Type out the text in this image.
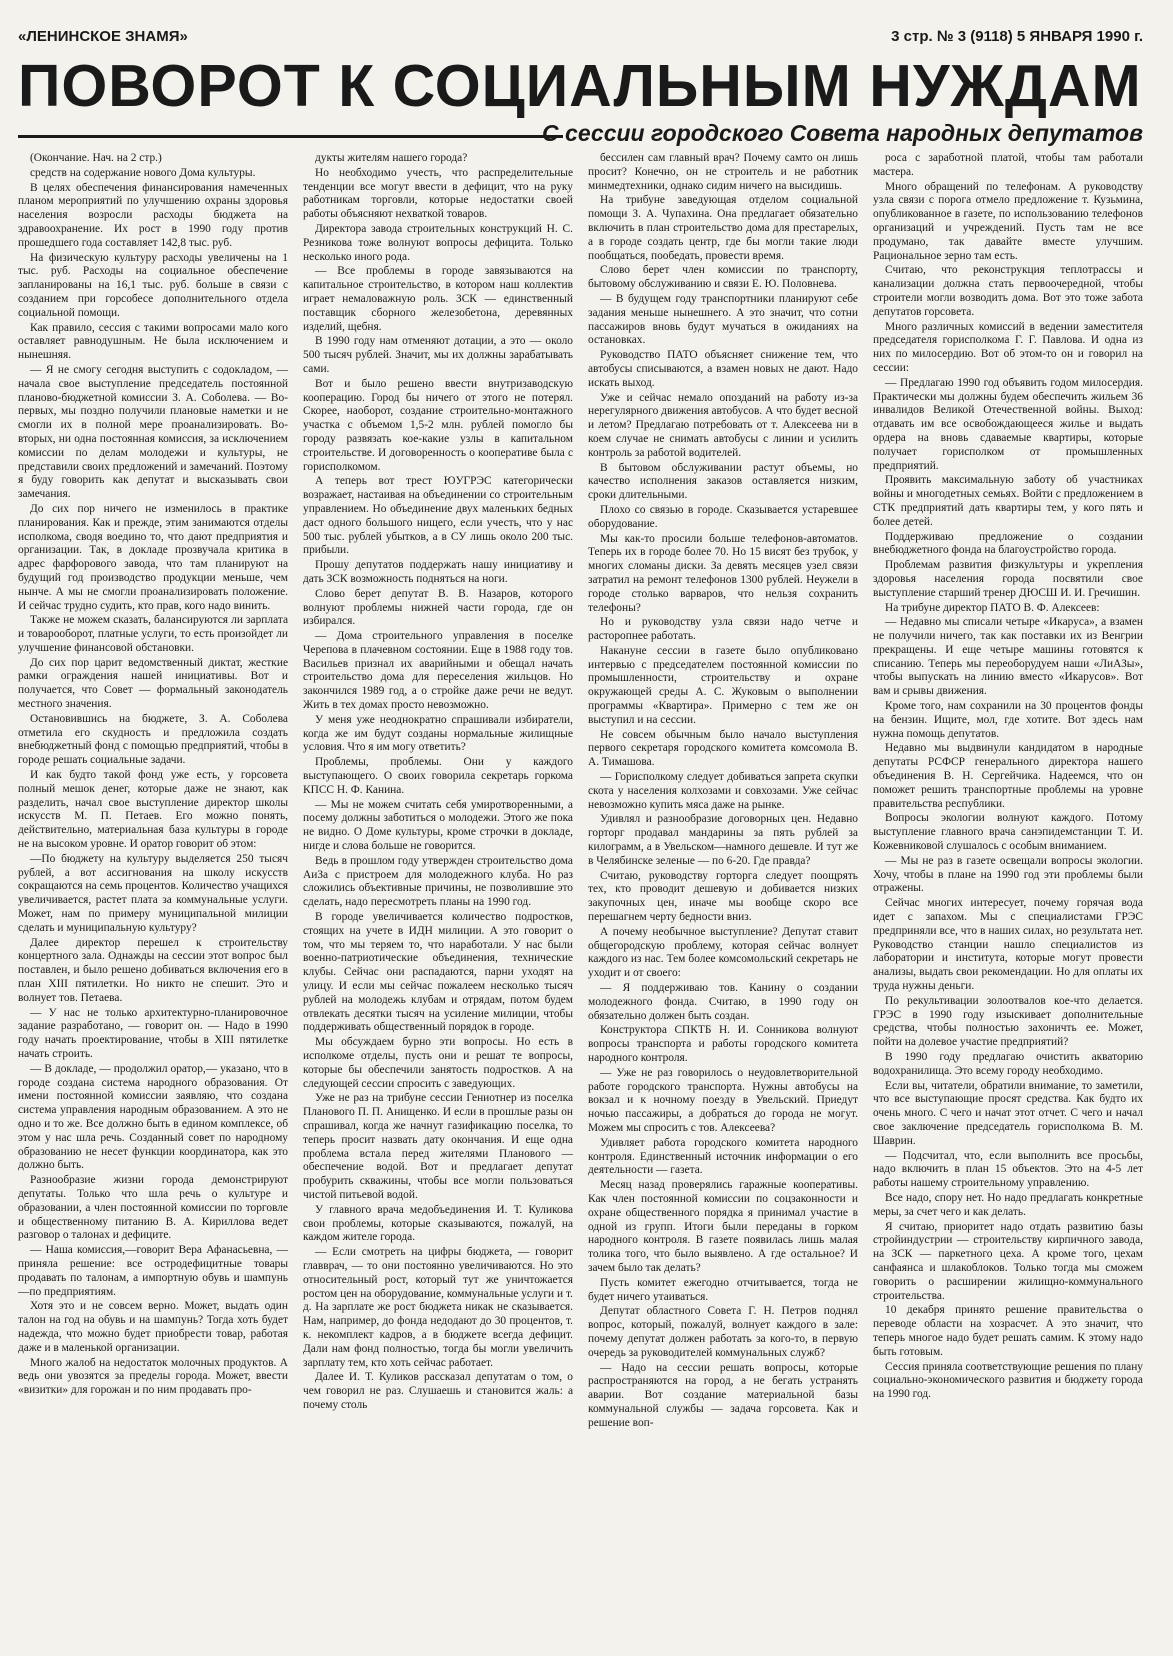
«ЛЕНИНСКОЕ ЗНАМЯ»	3 стр. № 3 (9118) 5 ЯНВАРЯ 1990 г.
ПОВОРОТ К СОЦИАЛЬНЫМ НУЖДАМ
С сессии городского Совета народных депутатов

(Окончание. Нач. на 2 стр.)

средств на содержание нового Дома культуры.

В целях обеспечения финансирования намеченных планом мероприятий по улучшению охраны здоровья населения возросли расходы бюджета на здравоохранение. Их рост в 1990 году против прошедшего года составляет 142,8 тыс. руб.

На физическую культуру расходы увеличены на 1 тыс. руб. Расходы на социальное обеспечение запланированы на 16,1 тыс. руб. больше в связи с созданием при горсобесе дополнительного отдела социальной помощи.

Как правило, сессия с такими вопросами мало кого оставляет равнодушным. Не была исключением и нынешняя.

— Я не смогу сегодня выступить с содокладом, — начала свое выступление председатель постоянной планово-бюджетной комиссии З. А. Соболева. — Во-первых, мы поздно получили плановые наметки и не смогли их в полной мере проанализировать. Во-вторых, ни одна постоянная комиссия, за исключением комиссии по делам молодежи и культуры, не представили своих предложений и замечаний. Поэтому я буду говорить как депутат и высказывать свои замечания.

До сих пор ничего не изменилось в практике планирования. Как и прежде, этим занимаются отделы исполкома, сводя воедино то, что дают предприятия и организации. Так, в докладе прозвучала критика в адрес фарфорового завода, что там планируют на будущий год производство продукции меньше, чем нынче. А мы не смогли проанализировать положение. И сейчас трудно судить, кто прав, кого надо винить.

Также не можем сказать, балансируются ли зарплата и товарооборот, платные услуги, то есть произойдет ли улучшение финансовой обстановки.

До сих пор царит ведомственный диктат, жесткие рамки ограждения нашей инициативы. Вот и получается, что Совет — формальный законодатель местного значения.

Остановившись на бюджете, З. А. Соболева отметила его скудность и предложила создать внебюджетный фонд с помощью предприятий, чтобы в городе решать социальные задачи.

И как будто такой фонд уже есть, у горсовета полный мешок денег, которые даже не знают, как разделить, начал свое выступление директор школы искусств М. П. Петаев. Его можно понять, действительно, материальная база культуры в городе не на высоком уровне. И оратор говорит об этом:

—По бюджету на культуру выделяется 250 тысяч рублей, а вот ассигнования на школу искусств сокращаются на семь процентов. Количество учащихся увеличивается, растет плата за коммунальные услуги. Может, нам по примеру муниципальной милиции сделать и муниципальную культуру?

Далее директор перешел к строительству концертного зала. Однажды на сессии этот вопрос был поставлен, и было решено добиваться включения его в план XIII пятилетки. Но никто не спешит. Это и волнует тов. Петаева.

— У нас не только архитектурно-планировочное задание разработано, — говорит он. — Надо в 1990 году начать проектирование, чтобы в XIII пятилетке начать строить.

— В докладе, — продолжил оратор,— указано, что в городе создана система народного образования. От имени постоянной комиссии заявляю, что создана система управления народным образованием. А это не одно и то же. Все должно быть в едином комплексе, об этом у нас шла речь. Созданный совет по народному образованию не несет функции координатора, как это должно быть.

Разнообразие жизни города демонстрируют депутаты. Только что шла речь о культуре и образовании, а член постоянной комиссии по торговле и общественному питанию В. А. Кириллова ведет разговор о талонах и дефиците.

— Наша комиссия,—говорит Вера Афанасьевна, — приняла решение: все остродефицитные товары продавать по талонам, а импортную обувь и шампунь —по предприятиям.

Хотя это и не совсем верно. Может, выдать один талон на год на обувь и на шампунь? Тогда хоть будет надежда, что можно будет приобрести товар, работая даже и в маленькой организации.

Много жалоб на недостаток молочных продуктов. А ведь они увозятся за пределы города. Может, ввести «визитки» для горожан и по ним продавать про-

дукты жителям нашего города?

Но необходимо учесть, что распределительные тенденции все могут ввести в дефицит, что на руку работникам торговли, которые недостатки своей работы объясняют нехваткой товаров.

Директора завода строительных конструкций Н. С. Резникова тоже волнуют вопросы дефицита. Только несколько иного рода.

— Все проблемы в городе завязываются на капитальное строительство, в котором наш коллектив играет немаловажную роль. ЗСК — единственный поставщик сборного железобетона, деревянных изделий, щебня.

В 1990 году нам отменяют дотации, а это — около 500 тысяч рублей. Значит, мы их должны зарабатывать сами.

Вот и было решено ввести внутризаводскую кооперацию. Город бы ничего от этого не потерял. Скорее, наоборот, создание строительно-монтажного участка с объемом 1,5-2 млн. рублей помогло бы городу развязать кое-какие узлы в капитальном строительстве. И договоренность о кооперативе была с горисполкомом.

А теперь вот трест ЮУГРЭС категорически возражает, настаивая на объединении со строительным управлением. Но объединение двух маленьких бедных даст одного большого нищего, если учесть, что у нас 500 тыс. рублей убытков, а в СУ лишь около 200 тыс. прибыли.

Прошу депутатов поддержать нашу инициативу и дать ЗСК возможность подняться на ноги.

Слово берет депутат В. В. Назаров, которого волнуют проблемы нижней части города, где он избирался.

— Дома строительного управления в поселке Черепова в плачевном состоянии. Еще в 1988 году тов. Васильев признал их аварийными и обещал начать строительство дома для переселения жильцов. Но закончился 1989 год, а о стройке даже речи не ведут. Жить в тех домах просто невозможно.

У меня уже неоднократно спрашивали избиратели, когда же им будут созданы нормальные жилищные условия. Что я им могу ответить?

Проблемы, проблемы. Они у каждого выступающего. О своих говорила секретарь горкома КПСС Н. Ф. Канина.

— Мы не можем считать себя умиротворенными, а посему должны заботиться о молодежи. Этого же пока не видно. О Доме культуры, кроме строчки в докладе, нигде и слова больше не говорится.

Ведь в прошлом году утвержден строительство дома АиЗа с пристроем для молодежного клуба. Но раз сложились объективные причины, не позволившие это сделать, надо пересмотреть планы на 1990 год.

В городе увеличивается количество подростков, стоящих на учете в ИДН милиции. А это говорит о том, что мы теряем то, что наработали. У нас были военно-патриотические объединения, технические клубы. Сейчас они распадаются, парни уходят на улицу. И если мы сейчас пожалеем несколько тысяч рублей на молодежь клубам и отрядам, потом будем отвлекать десятки тысяч на усиление милиции, чтобы поддерживать общественный порядок в городе.

Мы обсуждаем бурно эти вопросы. Но есть в исполкоме отделы, пусть они и решат те вопросы, которые бы обеспечили занятость подростков. А на следующей сессии спросить с заведующих.

Уже не раз на трибуне сессии Гениотнер из поселка Планового П. П. Анищенко. И если в прошлые разы он спрашивал, когда же начнут газификацию поселка, то теперь просит назвать дату окончания. И еще одна проблема встала перед жителями Планового — обеспечение водой. Вот и предлагает депутат пробурить скважины, чтобы все могли пользоваться чистой питьевой водой.

У главного врача медобъединения И. Т. Куликова свои проблемы, которые сказываются, пожалуй, на каждом жителе города.

— Если смотреть на цифры бюджета, — говорит главврач, — то они постоянно увеличиваются. Но это относительный рост, который тут же уничтожается ростом цен на оборудование, коммунальные услуги и т. д. На зарплате же рост бюджета никак не сказывается. Нам, например, до фонда недодают до 30 процентов, т. к. некомплект кадров, а в бюджете всегда дефицит. Дали нам фонд полностью, тогда бы могли увеличить зарплату тем, кто хоть сейчас работает.

Далее И. Т. Куликов рассказал депутатам о том, о чем говорил не раз. Слушаешь и становится жаль: а почему столь

бессилен сам главный врач? Почему самто он лишь просит? Конечно, он не строитель и не работник минмедтехники, однако сидим ничего на высидишь.

На трибуне заведующая отделом социальной помощи З. А. Чупахина. Она предлагает обязательно включить в план строительство дома для престарелых, а в городе создать центр, где бы могли такие люди пообщаться, пообедать, провести время.

Слово берет член комиссии по транспорту, бытовому обслуживанию и связи Е. Ю. Половнева.

— В будущем году транспортники планируют себе задания меньше нынешнего. А это значит, что сотни пассажиров вновь будут мучаться в ожиданиях на остановках.

Руководство ПАТО объясняет снижение тем, что автобусы списываются, а взамен новых не дают. Надо искать выход.

Уже и сейчас немало опозданий на работу из-за нерегулярного движения автобусов. А что будет весной и летом? Предлагаю потребовать от т. Алексеева ни в коем случае не снимать автобусы с линии и усилить контроль за работой водителей.

В бытовом обслуживании растут объемы, но качество исполнения заказов оставляется низким, сроки длительными.

Плохо со связью в городе. Сказывается устаревшее оборудование.

Мы как-то просили больше телефонов-автоматов. Теперь их в городе более 70. Но 15 висят без трубок, у многих сломаны диски. За девять месяцев узел связи затратил на ремонт телефонов 1300 рублей. Неужели в городе столько варваров, что нельзя сохранить телефоны?

Но и руководству узла связи надо четче и расторопнее работать.

Накануне сессии в газете было опубликовано интервью с председателем постоянной комиссии по промышленности, строительству и охране окружающей среды А. С. Жуковым о выполнении программы «Квартира». Примерно с тем же он выступил и на сессии.

Не совсем обычным было начало выступления первого секретаря городского комитета комсомола В. А. Тимашова.

— Горисполкому следует добиваться запрета скупки скота у населения колхозами и совхозами. Уже сейчас невозможно купить мяса даже на рынке.

Удивлял и разнообразие договорных цен. Недавно горторг продавал мандарины за пять рублей за килограмм, а в Увельском—намного дешевле. И тут же в Челябинске зеленые — по 6-20. Где правда?

Считаю, руководству горторга следует поощрять тех, кто проводит дешевую и добивается низких закупочных цен, иначе мы вообще скоро все перешагнем черту бедности вниз.

А почему необычное выступление? Депутат ставит общегородскую проблему, которая сейчас волнует каждого из нас. Тем более комсомольский секретарь не уходит и от своего:

— Я поддерживаю тов. Канину о создании молодежного фонда. Считаю, в 1990 году он обязательно должен быть создан.

Конструктора СПКТБ Н. И. Сонникова волнуют вопросы транспорта и работы городского комитета народного контроля.

— Уже не раз говорилось о неудовлетворительной работе городского транспорта. Нужны автобусы на вокзал и к ночному поезду в Увельский. Приедут ночью пассажиры, а добраться до города не могут. Можем мы спросить с тов. Алексеева?

Удивляет работа городского комитета народного контроля. Единственный источник информации о его деятельности — газета.

Месяц назад проверялись гаражные кооперативы. Как член постоянной комиссии по соцзаконности и охране общественного порядка я принимал участие в одной из групп. Итоги были переданы в горком народного контроля. В газете появилась лишь малая толика того, что было выявлено. А где остальное? И зачем было так делать?

Пусть комитет ежегодно отчитывается, тогда не будет ничего утаиваться.

Депутат областного Совета Г. Н. Петров поднял вопрос, который, пожалуй, волнует каждого в зале: почему депутат должен работать за кого-то, в первую очередь за руководителей коммунальных служб?

— Надо на сессии решать вопросы, которые распространяются на город, а не бегать устранять аварии. Вот создание материальной базы коммунальной службы — задача горсовета. Как и решение воп-

роса с заработной платой, чтобы там работали мастера.

Много обращений по телефонам. А руководству узла связи с порога отмело предложение т. Кузьмина, опубликованное в газете, по использованию телефонов организаций и учреждений. Пусть там не все продумано, так давайте вместе улучшим. Рациональное зерно там есть.

Считаю, что реконструкция теплотрассы и канализации должна стать первоочередной, чтобы строители могли возводить дома. Вот это тоже забота депутатов горсовета.

Много различных комиссий в ведении заместителя председателя горисполкома Г. Г. Павлова. И одна из них по милосердию. Вот об этом-то он и говорил на сессии:

— Предлагаю 1990 год объявить годом милосердия. Практически мы должны будем обеспечить жильем 36 инвалидов Великой Отечественной войны. Выход: отдавать им все освобождающееся жилье и выдать ордера на вновь сдаваемые квартиры, которые получает горисполком от промышленных предприятий.

Проявить максимальную заботу об участниках войны и многодетных семьях. Войти с предложением в СТК предприятий дать квартиры тем, у кого пять и более детей.

Поддерживаю предложение о создании внебюджетного фонда на благоустройство города.

Проблемам развития физкультуры и укрепления здоровья населения города посвятили свое выступление старший тренер ДЮСШ И. И. Гречишин.

На трибуне директор ПАТО В. Ф. Алексеев:

— Недавно мы списали четыре «Икаруса», а взамен не получили ничего, так как поставки их из Венгрии прекращены. И еще четыре машины готовятся к списанию. Теперь мы переоборудуем наши «ЛиАЗы», чтобы выпускать на линию вместо «Икарусов». Вот вам и срывы движения.

Кроме того, нам сохранили на 30 процентов фонды на бензин. Ищите, мол, где хотите. Вот здесь нам нужна помощь депутатов.

Недавно мы выдвинули кандидатом в народные депутаты РСФСР генерального директора нашего объединения В. Н. Сергейчика. Надеемся, что он поможет решить транспортные проблемы на уровне правительства республики.

Вопросы экологии волнуют каждого. Потому выступление главного врача санэпидемстанции Т. И. Кожевниковой слушалось с особым вниманием.

— Мы не раз в газете освещали вопросы экологии. Хочу, чтобы в плане на 1990 год эти проблемы были отражены.

Сейчас многих интересует, почему горячая вода идет с запахом. Мы с специалистами ГРЭС предприняли все, что в наших силах, но результата нет. Руководство станции нашло специалистов из лаборатории и института, которые могут провести анализы, выдать свои рекомендации. Но для оплаты их труда нужны деньги.

По рекультивации золоотвалов кое-что делается. ГРЭС в 1990 году изыскивает дополнительные средства, чтобы полностью захоничть ее. Может, пойти на долевое участие предприятий?

В 1990 году предлагаю очистить акваторию водохранилища. Это всему городу необходимо.

Если вы, читатели, обратили внимание, то заметили, что все выступающие просят средства. Как будто их очень много. С чего и начат этот отчет. С чего и начал свое заключение председатель горисполкома В. М. Шаврин.

— Подсчитал, что, если выполнить все просьбы, надо включить в план 15 объектов. Это на 4-5 лет работы нашему строительному управлению.

Все надо, спору нет. Но надо предлагать конкретные меры, за счет чего и как делать.

Я считаю, приоритет надо отдать развитию базы стройиндустрии — строительству кирпичного завода, на ЗСК — паркетного цеха. А кроме того, цехам санфаянса и шлакоблоков. Только тогда мы сможем говорить о расширении жилищно-коммунального строительства.

10 декабря принято решение правительства о переводе области на хозрасчет. А это значит, что теперь многое надо будет решать самим. К этому надо быть готовым.

Сессия приняла соответствующие решения по плану социально-экономического развития и бюджету города на 1990 год.
